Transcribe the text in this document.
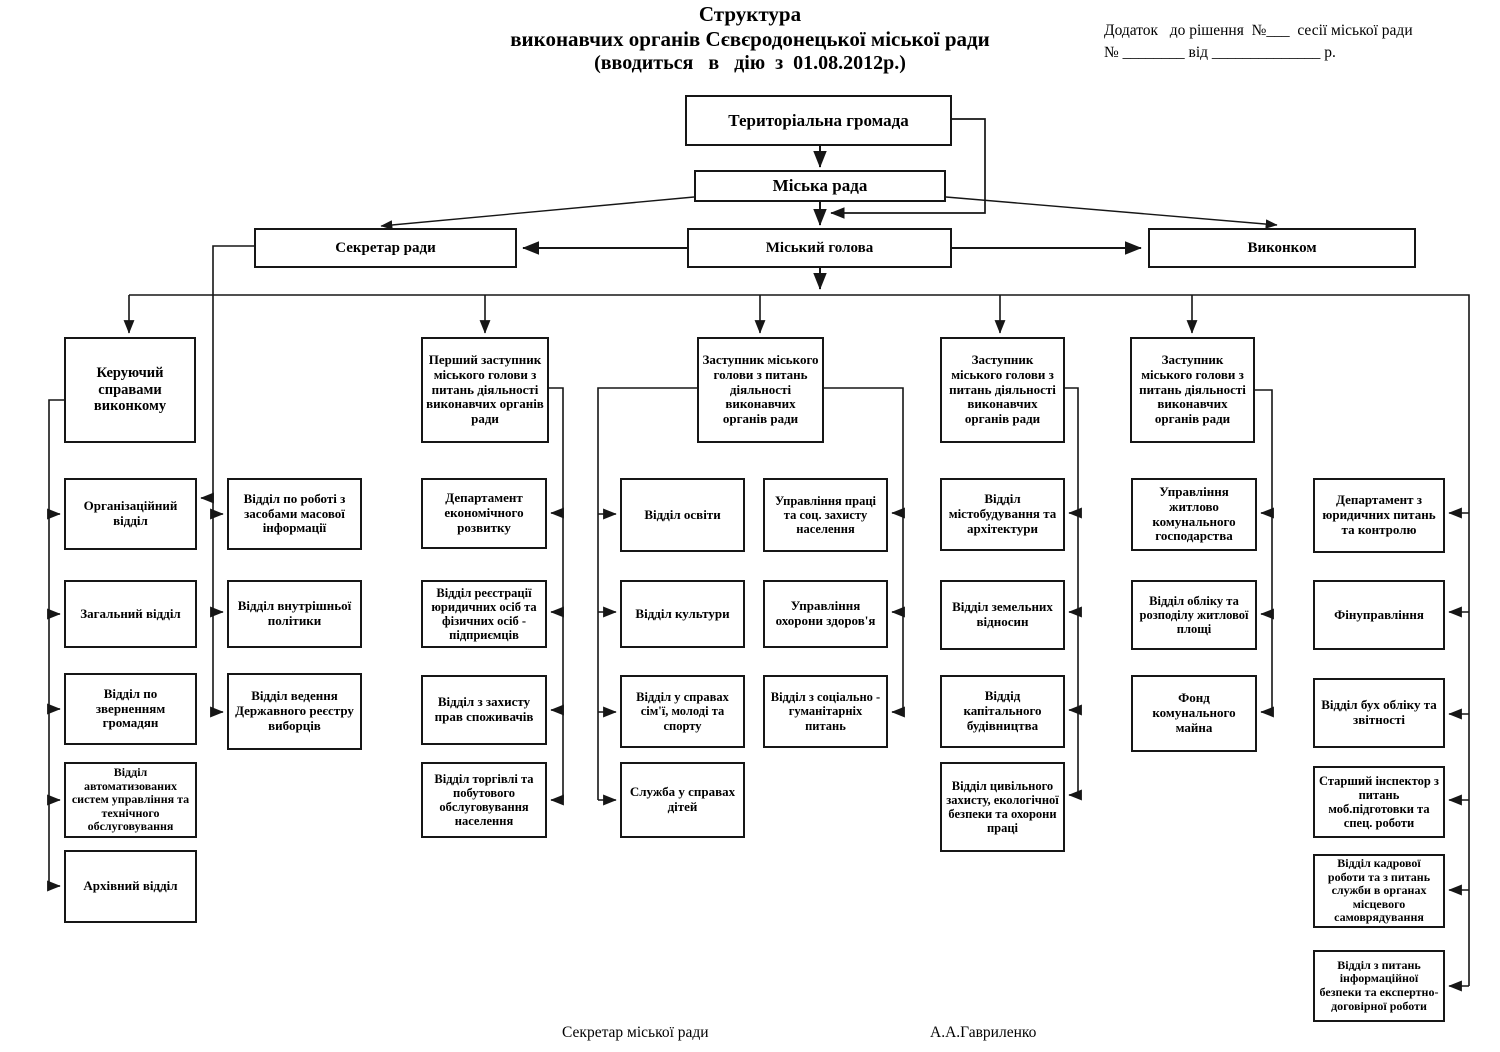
Структура
виконавчих органів Сєвєродонецької міської ради
(вводиться   в   дію  з  01.08.2012р.)
Додаток   до рішення  №___  сесії міської ради
№ ________ від ______________ р.
Територіальна громада
Міська рада
Секретар ради	Міський голова	Виконком
Керуючий справами виконкому
Перший заступник міського голови з питань діяльності виконавчих органів ради
Заступник міського голови з питань діяльності виконавчих органів ради
Заступник міського голови з питань діяльності виконавчих органів ради
Заступник міського голови з питань діяльності виконавчих органів ради
Організаційний відділ
Загальний відділ
Відділ по зверненням громадян
Відділ автоматизованих систем управління та технічного обслуговування
Архівний відділ
Відділ по роботі з засобами масової інформації
Відділ внутрішньої політики
Відділ ведення Державного реєстру виборців
Департамент економічного розвитку
Відділ реєстрації юридичних осіб та фізичних осіб - підприємців
Відділ з захисту прав споживачів
Відділ торгівлі та побутового обслуговування населення
Відділ освіти
Відділ культури
Відділ у справах сім'ї, молоді та спорту
Служба у справах дітей
Управління праці та соц. захисту населення
Управління охорони здоров'я
Відділ з соціально - гуманітарніх питань
Відділ містобудування та архітектури
Відділ земельних відносин
Віддід капітального будівництва
Відділ цивільного захисту, екологічної безпеки та охорони праці
Управління житлово комунального господарства
Відділ обліку та розподілу житлової площі
Фонд комунального майна
Департамент з юридичних питань та контролю
Фінуправління
Відділ бух обліку та звітності
Старший інспектор з питань моб.підготовки та спец. роботи
Відділ кадрової роботи та з питань служби в органах місцевого самоврядування
Відділ з питань інформаційної безпеки та експертно-договірної роботи
Секретар міської ради	А.А.Гавриленко
